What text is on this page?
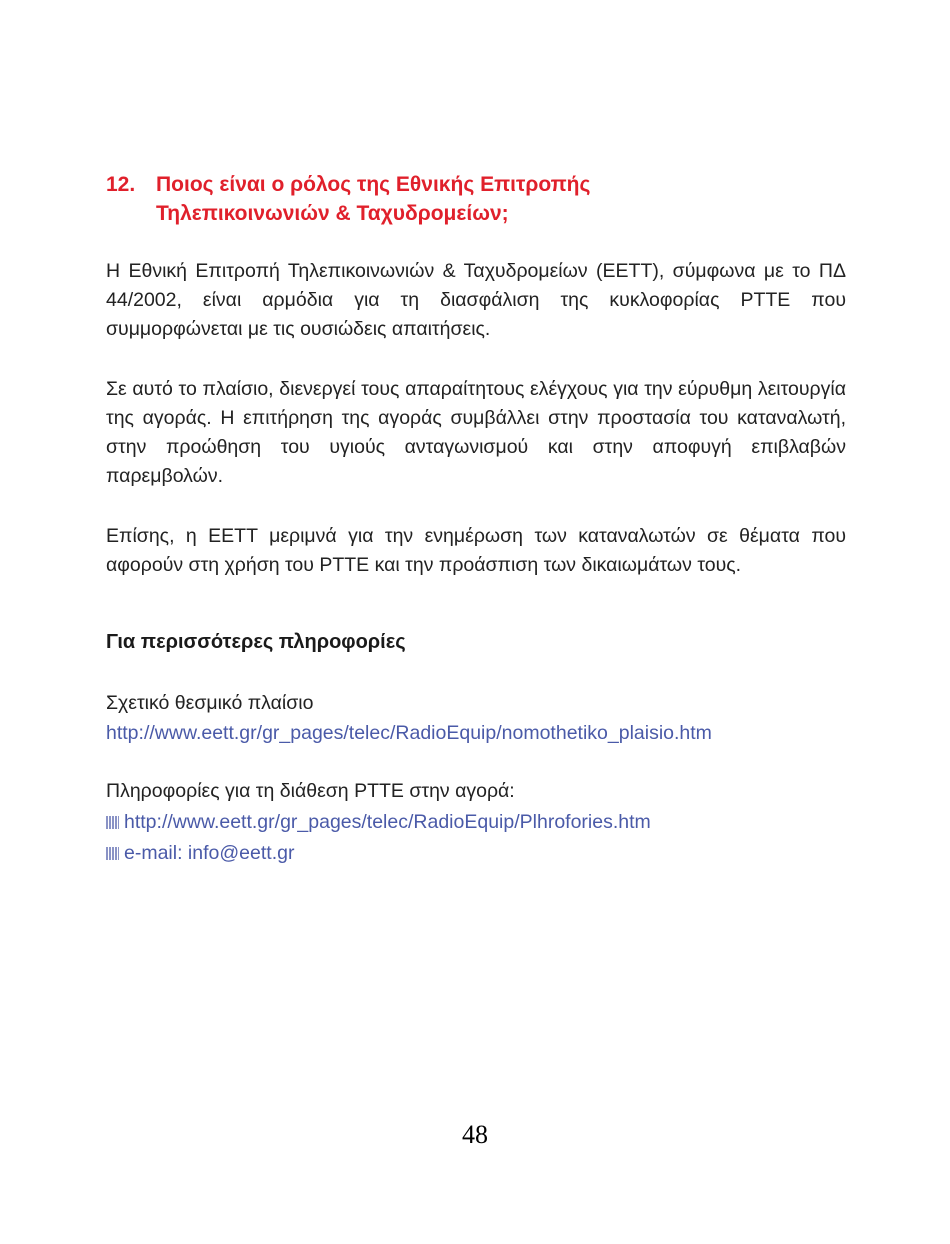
12. Ποιος είναι ο ρόλος της Εθνικής Επιτροπής
Τηλεπικοινωνιών & Ταχυδρομείων;

Η Εθνική Επιτροπή Τηλεπικοινωνιών & Ταχυδρομείων (ΕΕΤΤ), σύμφωνα με το ΠΔ 44/2002, είναι αρμόδια για τη διασφάλιση της κυκλοφορίας PTTE που συμμορφώνεται με τις ουσιώδεις απαιτήσεις.

Σε αυτό το πλαίσιο, διενεργεί τους απαραίτητους ελέγχους για την εύρυθμη λειτουργία της αγοράς. Η επιτήρηση της αγοράς συμβάλλει στην προστασία του καταναλωτή, στην προώθηση του υγιούς ανταγωνισμού και στην αποφυγή επιβλαβών παρεμβολών.

Επίσης, η ΕΕΤΤ μεριμνά για την ενημέρωση των καταναλωτών σε θέματα που αφορούν στη χρήση του PTTE και την προάσπιση των δικαιωμάτων τους.

Για περισσότερες πληροφορίες
Σχετικό θεσμικό πλαίσιο
http://www.eett.gr/gr_pages/telec/RadioEquip/nomothetiko_plaisio.htm
Πληροφορίες για τη διάθεση PTTE στην αγορά:
http://www.eett.gr/gr_pages/telec/RadioEquip/Plhrofories.htm
e-mail: info@eett.gr
48
